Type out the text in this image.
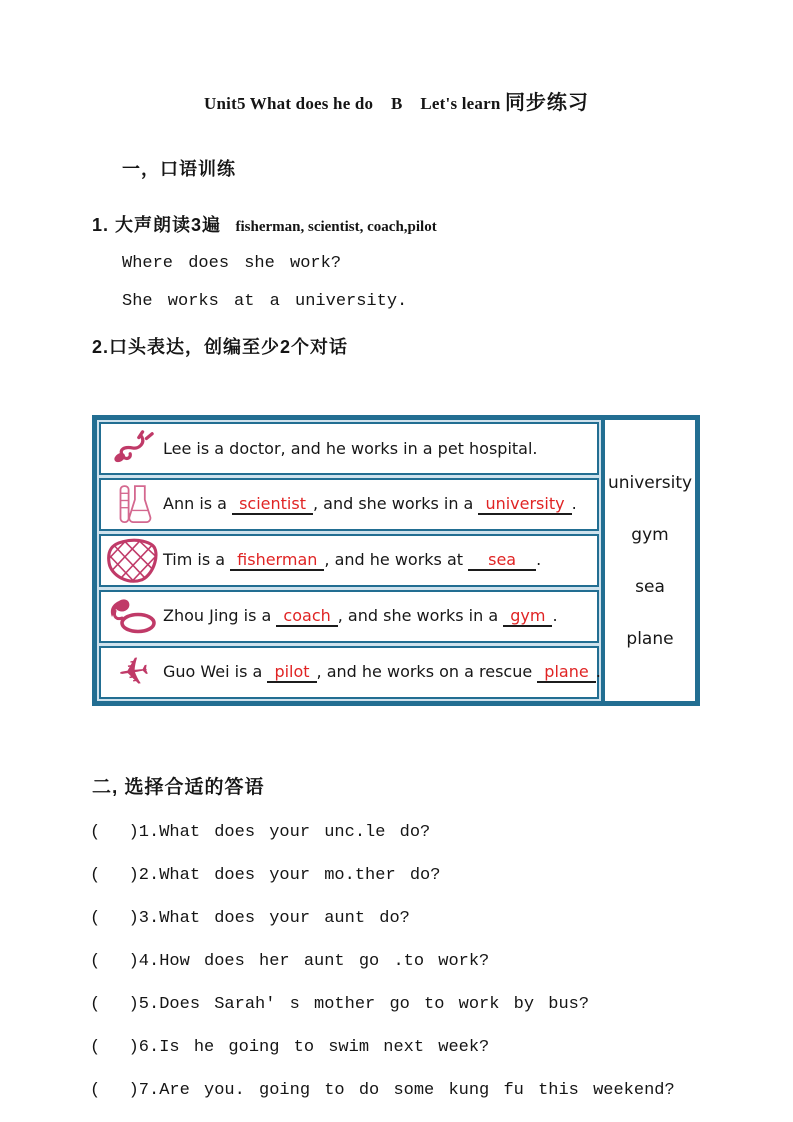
Unit5 What does he do    B    Let's learn 同步练习
一，口语训练
1. 大声朗读3遍 fisherman, scientist, coach,pilot
Where does she work?
She works at a university.
2.口头表达，创编至少2个对话
Lee is a doctor, and he works in a pet hospital.
Ann is a scientist , and she works in a university .
Tim is a fisherman , and he works at sea .
Zhou Jing is a coach , and she works in a gym .
✈ Guo Wei is a pilot , and he works on a rescue plane .
university
gym
sea
plane
二, 选择合适的答语
(  )1.What does your unc.le do?
(  )2.What does your mo.ther do?
(  )3.What does your aunt do?
(  )4.How does her aunt go .to work?
(  )5.Does Sarah' s mother go to work by bus?
(  )6.Is he going to swim next week?
(  )7.Are you. going to do some kung fu this weekend?
